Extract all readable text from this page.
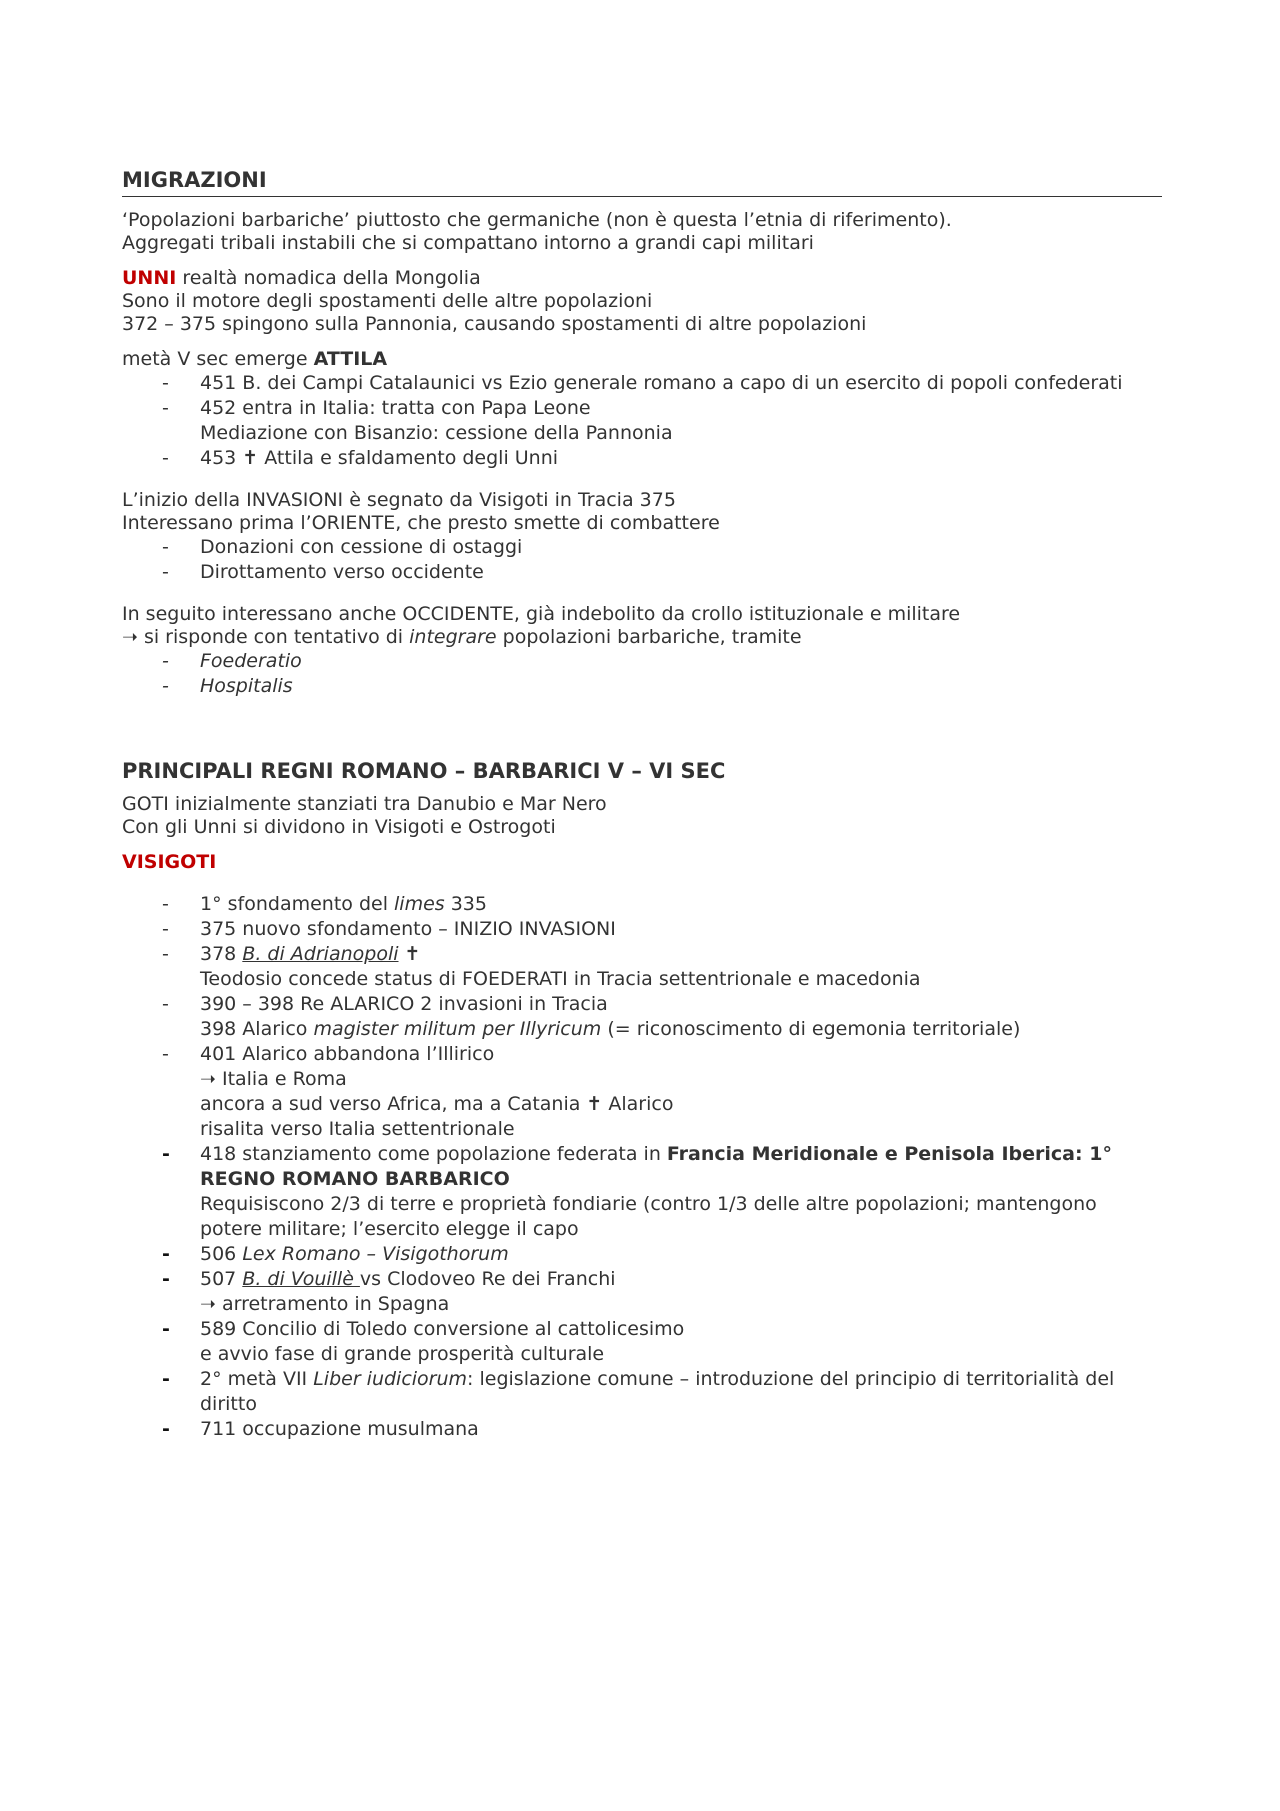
MIGRAZIONI

‘Popolazioni barbariche’ piuttosto che germaniche (non è questa l’etnia di riferimento).
Aggregati tribali instabili che si compattano intorno a grandi capi militari

UNNI realtà nomadica della Mongolia
Sono il motore degli spostamenti delle altre popolazioni
372 – 375 spingono sulla Pannonia, causando spostamenti di altre popolazioni

metà V sec emerge ATTILA

- 451 B. dei Campi Catalaunici vs Ezio generale romano a capo di un esercito di popoli confederati
- 452 entra in Italia: tratta con Papa Leone
Mediazione con Bisanzio: cessione della Pannonia
- 453 ✝ Attila e sfaldamento degli Unni

L’inizio della INVASIONI è segnato da Visigoti in Tracia 375
Interessano prima l’ORIENTE, che presto smette di combattere

- Donazioni con cessione di ostaggi
- Dirottamento verso occidente

In seguito interessano anche OCCIDENTE, già indebolito da crollo istituzionale e militare
➝ si risponde con tentativo di integrare popolazioni barbariche, tramite

- Foederatio
- Hospitalis
PRINCIPALI REGNI ROMANO – BARBARICI V – VI SEC

GOTI inizialmente stanziati tra Danubio e Mar Nero
Con gli Unni si dividono in Visigoti e Ostrogoti

VISIGOTI

- 1° sfondamento del limes 335
- 375 nuovo sfondamento – INIZIO INVASIONI
- 378 B. di Adrianopoli ✝
Teodosio concede status di FOEDERATI in Tracia settentrionale e macedonia
- 390 – 398 Re ALARICO 2 invasioni in Tracia
398 Alarico magister militum per Illyricum (= riconoscimento di egemonia territoriale)
- 401 Alarico abbandona l’Illirico
➝ Italia e Roma
ancora a sud verso Africa, ma a Catania ✝ Alarico
risalita verso Italia settentrionale
- 418 stanziamento come popolazione federata in Francia Meridionale e Penisola Iberica: 1° REGNO ROMANO BARBARICO
Requisiscono 2/3 di terre e proprietà fondiarie (contro 1/3 delle altre popolazioni; mantengono potere militare; l’esercito elegge il capo
- 506 Lex Romano – Visigothorum
- 507 B. di Vouillè vs Clodoveo Re dei Franchi
➝ arretramento in Spagna
- 589 Concilio di Toledo conversione al cattolicesimo
e avvio fase di grande prosperità culturale
- 2° metà VII Liber iudiciorum: legislazione comune – introduzione del principio di territorialità del diritto
- 711 occupazione musulmana
